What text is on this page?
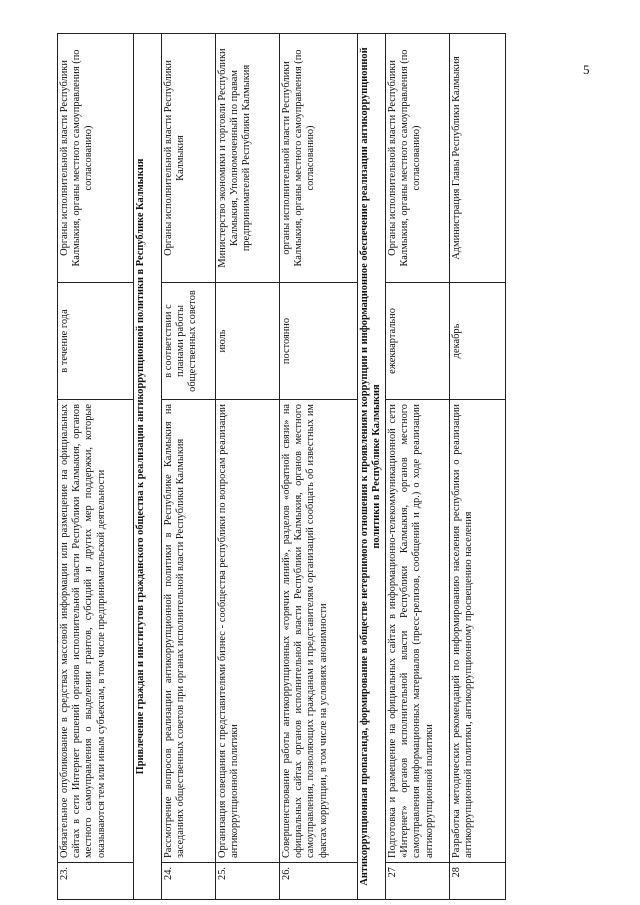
5
23.	Обязательное опубликование в средствах массовой информации или размещение на официальных сайтах в сети Интернет решений органов исполнительной власти Республики Калмыкия, органов местного самоуправления о выделении грантов, субсидий и других мер поддержки, которые оказываются тем или иным субъектам, в том числе предпринимательской деятельности	в течение года	Органы исполнительной власти Республики Калмыкия, органы местного самоуправления (по согласованию)
Привлечение граждан и институтов гражданского общества к реализации антикоррупционной политики в Республике Калмыкия			
24.	Рассмотрение вопросов реализации антикоррупционной политики в Республике Калмыкия на заседаниях общественных советов при органах исполнительной власти Республики Калмыкия	в соответствии с планами работы общественных советов	Органы исполнительной власти Республики Калмыкия
25.	Организация совещания с представителями бизнес - сообщества республики по вопросам реализации антикоррупционной политики	июль	Министерство экономики и торговли Республики Калмыкия, Уполномоченный по правам предпринимателей Республики Калмыкия
26.	Совершенствование работы антикоррупционных «горячих линий», разделов «обратной связи» на официальных сайтах органов исполнительной власти Республики Калмыкия, органов местного самоуправления, позволяющих гражданам и представителям организаций сообщать об известных им фактах коррупции, в том числе на условиях анонимности	постоянно	органы исполнительной власти Республики Калмыкия, органы местного самоуправления (по согласованию)
Антикоррупционная пропаганда, формирование в обществе нетерпимого отношения к проявлениям коррупции и информационное обеспечение реализации антикоррупционной политики в Республике Калмыкия			
27	Подготовка и размещение на официальных сайтах в информационно-телекоммуникационной сети «Интернет» органов исполнительной власти Республики Калмыкия, органов местного самоуправления информационных материалов (пресс-релизов, сообщений и др.) о ходе реализации антикоррупционной политики	ежеквартально	Органы исполнительной власти Республики Калмыкия, органы местного самоуправления (по согласованию)
28	Разработка методических рекомендаций по информированию населения республики о реализации антикоррупционной политики, антикоррупционному просвещению населения	декабрь	Администрация Главы Республики Калмыкия
